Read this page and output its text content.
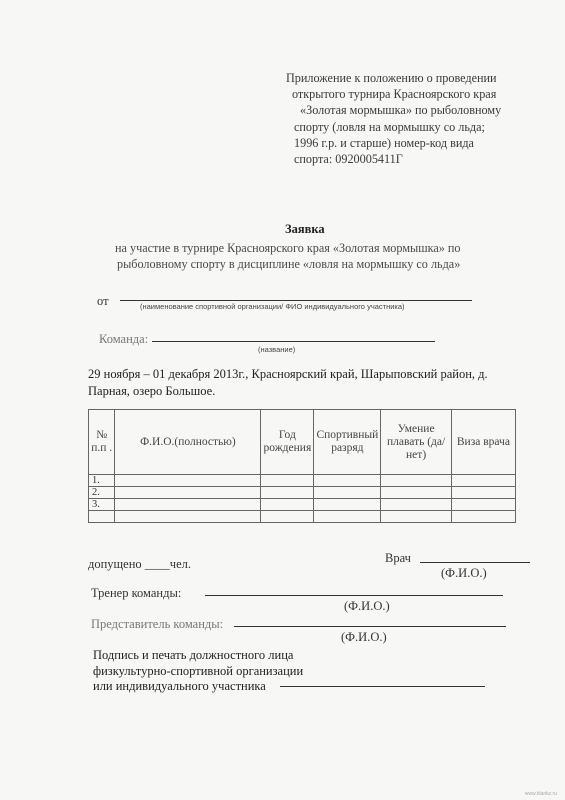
Приложение к положению о проведении
открытого турнира Красноярского края
«Золотая мормышка» по рыболовному
спорту (ловля на мормышку со льда;
1996 г.р. и старше) номер-код вида
спорта: 0920005411Г
Заявка
на участие в турнире Красноярского края «Золотая мормышка» по
рыболовному спорту в дисциплине «ловля на мормышку со льда»
от	(наименование спортивной организации/ ФИО индивидуального участника)
Команда:
(название)
29 ноября – 01 декабря 2013г., Красноярский край, Шарыповский район, д.
Парная, озеро Большое.
№ п.п .	Ф.И.О.(полностью)	Год рождения	Спортивный разряд	Умение плавать (да/нет)	Виза врача
1.					
2.					
3.					

допущено ____чел.	Врач
(Ф.И.О.)
Тренер команды:
(Ф.И.О.)
Представитель команды:
(Ф.И.О.)
Подпись и печать должностного лица
физкультурно-спортивной организации
или индивидуального участника
www.blankz.ru
